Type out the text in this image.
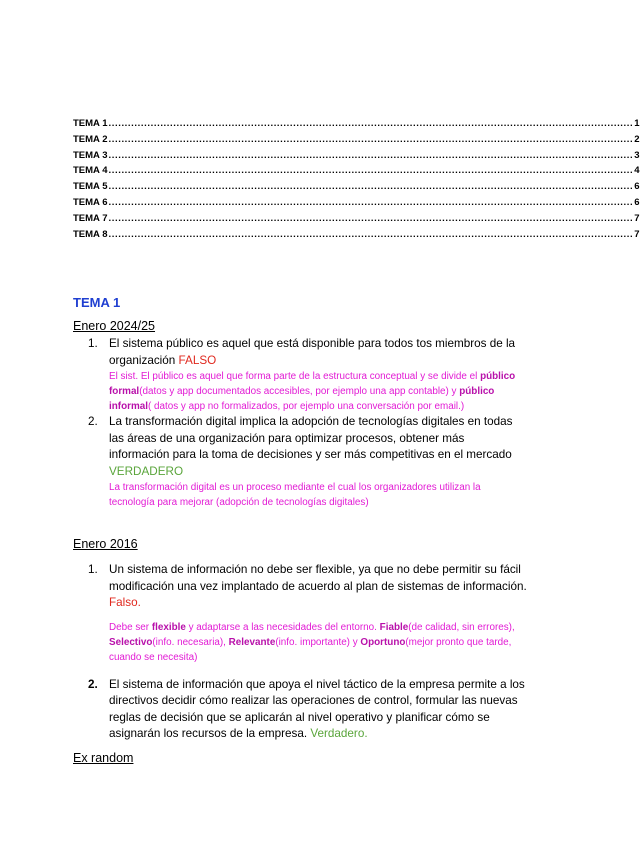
TEMA 1 .................................................................................................................................................................. 1
TEMA 2 .................................................................................................................................................................. 2
TEMA 3 .................................................................................................................................................................. 3
TEMA 4 .................................................................................................................................................................. 4
TEMA 5 .................................................................................................................................................................. 6
TEMA 6 .................................................................................................................................................................. 6
TEMA 7 .................................................................................................................................................................. 7
TEMA 8 .................................................................................................................................................................. 7
TEMA 1
Enero 2024/25
1. El sistema público es aquel que está disponible para todos tos miembros de la organización FALSO
El sist. El público es aquel que forma parte de la estructura conceptual y se divide el público formal(datos y app documentados accesibles, por ejemplo una app contable) y público informal( datos y app no formalizados, por ejemplo una conversación por email.)
2. La transformación digital implica la adopción de tecnologías digitales en todas las áreas de una organización para optimizar procesos, obtener más información para la toma de decisiones y ser más competitivas en el mercado
VERDADERO
La transformación digital es un proceso mediante el cual los organizadores utilizan la tecnología para mejorar (adopción de tecnologías digitales)
Enero 2016
1. Un sistema de información no debe ser flexible, ya que no debe permitir su fácil modificación una vez implantado de acuerdo al plan de sistemas de información. Falso.
Debe ser flexible y adaptarse a las necesidades del entorno. Fiable(de calidad, sin errores), Selectivo(info. necesaria), Relevante(info. importante) y Oportuno(mejor pronto que tarde, cuando se necesita)
2. El sistema de información que apoya el nivel táctico de la empresa permite a los directivos decidir cómo realizar las operaciones de control, formular las nuevas reglas de decisión que se aplicarán al nivel operativo y planificar cómo se asignarán los recursos de la empresa. Verdadero.
Ex random
